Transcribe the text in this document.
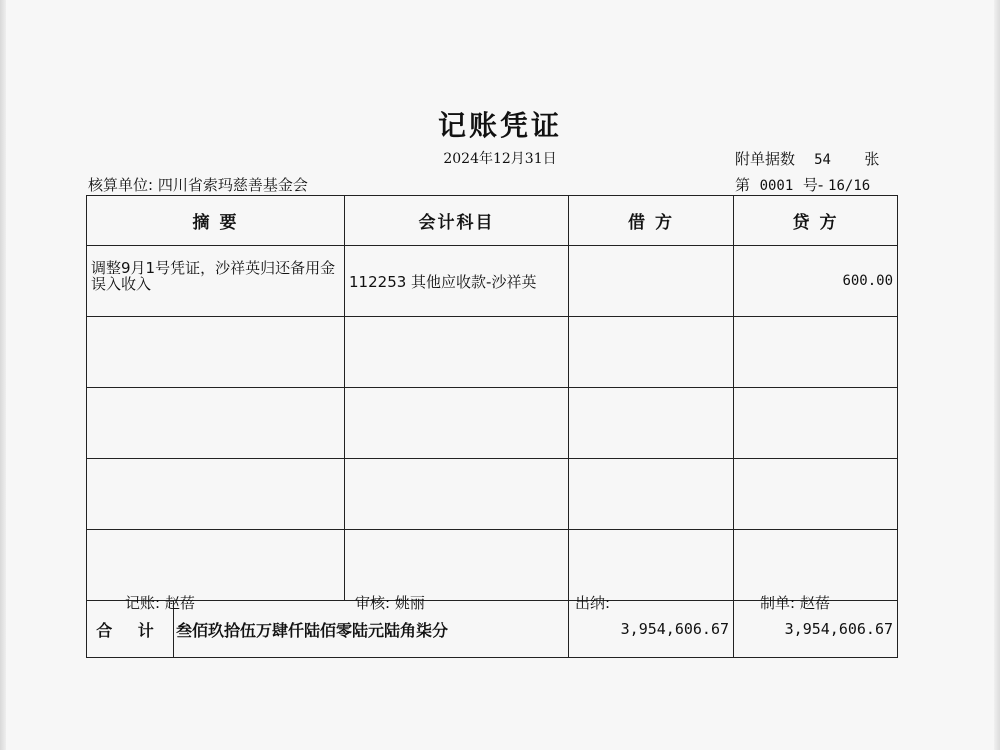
记账凭证
2024年12月31日	附单据数 54 张
核算单位: 四川省索玛慈善基金会	第 0001 号- 16/16
摘 要		会计科目	借 方	贷 方
调整9月1号凭证，沙祥英归还备用金误入收入		112253 其他应收款-沙祥英		600.00

合 计	叁佰玖拾伍万肆仟陆佰零陆元陆角柒分		3,954,606.67	3,954,606.67
记账: 赵蓓	审核: 姚丽	出纳:	制单: 赵蓓
